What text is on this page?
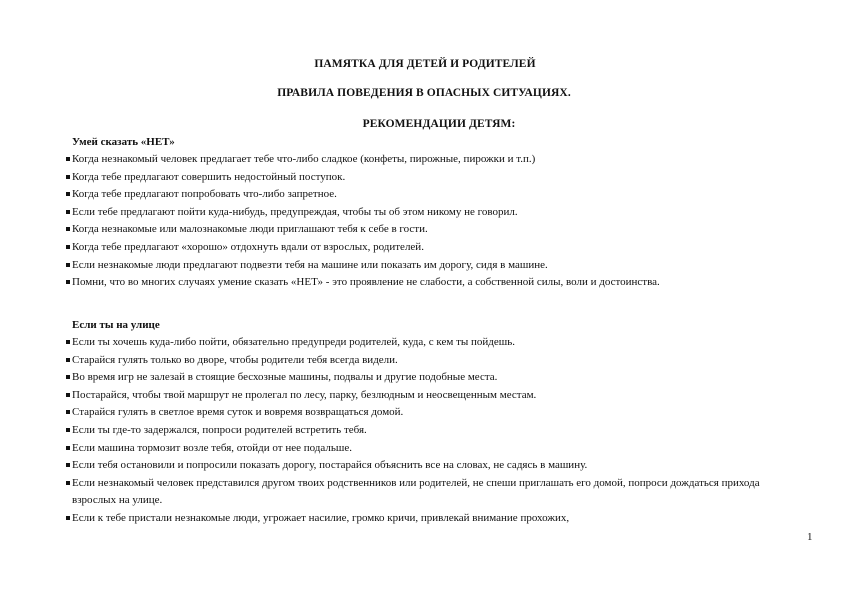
ПАМЯТКА ДЛЯ ДЕТЕЙ И РОДИТЕЛЕЙ
ПРАВИЛА ПОВЕДЕНИЯ В ОПАСНЫХ СИТУАЦИЯХ.
РЕКОМЕНДАЦИИ ДЕТЯМ:
Умей сказать «НЕТ»
Когда незнакомый человек предлагает тебе что-либо сладкое (конфеты, пирожные, пирожки и т.п.)
Когда тебе предлагают совершить недостойный поступок.
Когда тебе предлагают попробовать что-либо запретное.
Если тебе предлагают пойти куда-нибудь, предупреждая, чтобы ты об этом никому не говорил.
Когда незнакомые или малознакомые люди приглашают тебя к себе в гости.
Когда тебе предлагают «хорошо» отдохнуть вдали от взрослых, родителей.
Если незнакомые люди предлагают подвезти тебя на машине или показать им дорогу, сидя в машине.
Помни, что во многих случаях умение сказать «НЕТ» - это проявление не слабости, а собственной силы, воли и достоинства.
Если ты на улице
Если ты хочешь куда-либо пойти, обязательно предупреди родителей, куда, с кем ты пойдешь.
Старайся гулять только во дворе, чтобы родители тебя всегда видели.
Во время игр не залезай в стоящие бесхозные машины, подвалы и другие подобные места.
Постарайся, чтобы твой маршрут не пролегал по лесу, парку, безлюдным и неосвещенным местам.
Старайся гулять в светлое время суток и вовремя возвращаться домой.
Если ты где-то задержался, попроси родителей встретить тебя.
Если машина тормозит возле тебя, отойди от нее подальше.
Если тебя остановили и попросили показать дорогу, постарайся объяснить все на словах, не садясь в машину.
Если незнакомый человек представился другом твоих родственников или родителей, не спеши приглашать его домой, попроси дождаться прихода взрослых на улице.
Если к тебе пристали незнакомые люди, угрожает насилие, громко кричи, привлекай внимание прохожих,
1
